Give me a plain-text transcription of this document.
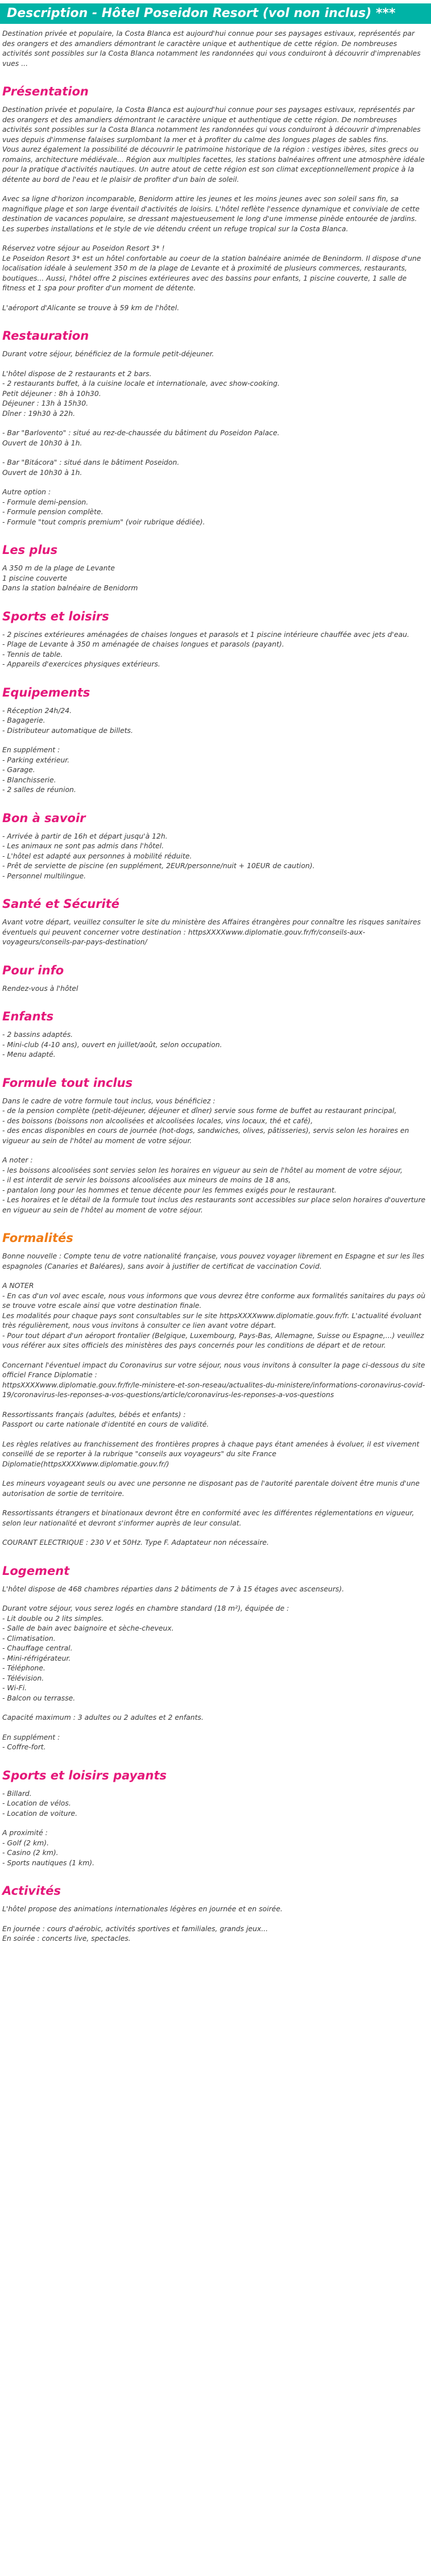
Description - Hôtel Poseidon Resort (vol non inclus) ***
Destination privée et populaire, la Costa Blanca est aujourd'hui connue pour ses paysages estivaux, représentés par des orangers et des amandiers démontrant le caractère unique et authentique de cette région. De nombreuses activités sont possibles sur la Costa Blanca notamment les randonnées qui vous conduiront à découvrir d'imprenables vues ...
Présentation
Destination privée et populaire, la Costa Blanca est aujourd'hui connue pour ses paysages estivaux, représentés par des orangers et des amandiers démontrant le caractère unique et authentique de cette région. De nombreuses activités sont possibles sur la Costa Blanca notamment les randonnées qui vous conduiront à découvrir d'imprenables vues depuis d'immense falaises surplombant la mer et à profiter du calme des longues plages de sables fins.
Vous aurez également la possibilité de découvrir le patrimoine historique de la région : vestiges ibères, sites grecs ou romains, architecture médiévale... Région aux multiples facettes, les stations balnéaires offrent une atmosphère idéale pour la pratique d'activités nautiques. Un autre atout de cette région est son climat exceptionnellement propice à la détente au bord de l'eau et le plaisir de profiter d'un bain de soleil.
Avec sa ligne d'horizon incomparable, Benidorm attire les jeunes et les moins jeunes avec son soleil sans fin, sa magnifique plage et son large éventail d'activités de loisirs. L'hôtel reflète l'essence dynamique et conviviale de cette destination de vacances populaire, se dressant majestueusement le long d'une immense pinède entourée de jardins. Les superbes installations et le style de vie détendu créent un refuge tropical sur la Costa Blanca.
Réservez votre séjour au Poseidon Resort 3* !
Le Poseidon Resort 3* est un hôtel confortable au coeur de la station balnéaire animée de Benindorm. Il dispose d'une localisation idéale à seulement 350 m de la plage de Levante et à proximité de plusieurs commerces, restaurants, boutiques... Aussi, l'hôtel offre 2 piscines extérieures avec des bassins pour enfants, 1 piscine couverte, 1 salle de fitness et 1 spa pour profiter d'un moment de détente.
L'aéroport d'Alicante se trouve à 59 km de l'hôtel.
Restauration
Durant votre séjour, bénéficiez de la formule petit-déjeuner.
L'hôtel dispose de 2 restaurants et 2 bars.
- 2 restaurants buffet, à la cuisine locale et internationale, avec show-cooking.
Petit déjeuner : 8h à 10h30.
Déjeuner : 13h à 15h30.
Dîner : 19h30 à 22h.
- Bar "Barlovento" : situé au rez-de-chaussée du bâtiment du Poseidon Palace.
Ouvert de 10h30 à 1h.
- Bar "Bitácora" : situé dans le bâtiment Poseidon.
Ouvert de 10h30 à 1h.
Autre option :
- Formule demi-pension.
- Formule pension complète.
- Formule "tout compris premium" (voir rubrique dédiée).
Les plus
A 350 m de la plage de Levante
1 piscine couverte
Dans la station balnéaire de Benidorm
Sports et loisirs
- 2 piscines extérieures aménagées de chaises longues et parasols et 1 piscine intérieure chauffée avec jets d'eau.
- Plage de Levante à 350 m aménagée de chaises longues et parasols (payant).
- Tennis de table.
- Appareils d'exercices physiques extérieurs.
Equipements
- Réception 24h/24.
- Bagagerie.
- Distributeur automatique de billets.
En supplément :
- Parking extérieur.
- Garage.
- Blanchisserie.
- 2 salles de réunion.
Bon à savoir
- Arrivée à partir de 16h et départ jusqu'à 12h.
- Les animaux ne sont pas admis dans l'hôtel.
- L'hôtel est adapté aux personnes à mobilité réduite.
- Prêt de serviette de piscine (en supplément, 2EUR/personne/nuit + 10EUR de caution).
- Personnel multilingue.
Santé et Sécurité
Avant votre départ, veuillez consulter le site du ministère des Affaires étrangères pour connaître les risques sanitaires éventuels qui peuvent concerner votre destination : httpsXXXXwww.diplomatie.gouv.fr/fr/conseils-aux-voyageurs/conseils-par-pays-destination/
Pour info
Rendez-vous à l'hôtel
Enfants
- 2 bassins adaptés.
- Mini-club (4-10 ans), ouvert en juillet/août, selon occupation.
- Menu adapté.
Formule tout inclus
Dans le cadre de votre formule tout inclus, vous bénéficiez :
- de la pension complète (petit-déjeuner, déjeuner et dîner) servie sous forme de buffet au restaurant principal,
- des boissons (boissons non alcoolisées et alcoolisées locales, vins locaux, thé et café),
- des encas disponibles en cours de journée (hot-dogs, sandwiches, olives, pâtisseries), servis selon les horaires en vigueur au sein de l'hôtel au moment de votre séjour.
A noter :
- les boissons alcoolisées sont servies selon les horaires en vigueur au sein de l'hôtel au moment de votre séjour,
- il est interdit de servir les boissons alcoolisées aux mineurs de moins de 18 ans,
- pantalon long pour les hommes et tenue décente pour les femmes exigés pour le restaurant.
- Les horaires et le détail de la formule tout inclus des restaurants sont accessibles sur place selon horaires d'ouverture en vigueur au sein de l'hôtel au moment de votre séjour.
Formalités
Bonne nouvelle : Compte tenu de votre nationalité française, vous pouvez voyager librement en Espagne et sur les îles espagnoles (Canaries et Baléares), sans avoir à justifier de certificat de vaccination Covid.
A NOTER
- En cas d'un vol avec escale, nous vous informons que vous devrez être conforme aux formalités sanitaires du pays où se trouve votre escale ainsi que votre destination finale.
Les modalités pour chaque pays sont consultables sur le site httpsXXXXwww.diplomatie.gouv.fr/fr. L'actualité évoluant très régulièrement, nous vous invitons à consulter ce lien avant votre départ.
- Pour tout départ d'un aéroport frontalier (Belgique, Luxembourg, Pays-Bas, Allemagne, Suisse ou Espagne,...) veuillez vous référer aux sites officiels des ministères des pays concernés pour les conditions de départ et de retour.
Concernant l'éventuel impact du Coronavirus sur votre séjour, nous vous invitons à consulter la page ci-dessous du site officiel France Diplomatie :
httpsXXXXwww.diplomatie.gouv.fr/fr/le-ministere-et-son-reseau/actualites-du-ministere/informations-coronavirus-covid-19/coronavirus-les-reponses-a-vos-questions/article/coronavirus-les-reponses-a-vos-questions
Ressortissants français (adultes, bébés et enfants) :
Passport ou carte nationale d'identité en cours de validité.
Les règles relatives au franchissement des frontières propres à chaque pays étant amenées à évoluer, il est vivement conseillé de se reporter à la rubrique "conseils aux voyageurs" du site France Diplomatie(httpsXXXXwww.diplomatie.gouv.fr/)
Les mineurs voyageant seuls ou avec une personne ne disposant pas de l'autorité parentale doivent être munis d'une autorisation de sortie de territoire.
Ressortissants étrangers et binationaux devront être en conformité avec les différentes réglementations en vigueur, selon leur nationalité et devront s'informer auprès de leur consulat.
COURANT ELECTRIQUE : 230 V et 50Hz. Type F. Adaptateur non nécessaire.
Logement
L'hôtel dispose de 468 chambres réparties dans 2 bâtiments de 7 à 15 étages avec ascenseurs).
Durant votre séjour, vous serez logés en chambre standard (18 m²), équipée de :
- Lit double ou 2 lits simples.
- Salle de bain avec baignoire et sèche-cheveux.
- Climatisation.
- Chauffage central.
- Mini-réfrigérateur.
- Téléphone.
- Télévision.
- Wi-Fi.
- Balcon ou terrasse.
Capacité maximum : 3 adultes ou 2 adultes et 2 enfants.
En supplément :
- Coffre-fort.
Sports et loisirs payants
- Billard.
- Location de vélos.
- Location de voiture.
A proximité :
- Golf (2 km).
- Casino (2 km).
- Sports nautiques (1 km).
Activités
L'hôtel propose des animations internationales légères en journée et en soirée.
En journée : cours d'aérobic, activités sportives et familiales, grands jeux...
En soirée : concerts live, spectacles.
